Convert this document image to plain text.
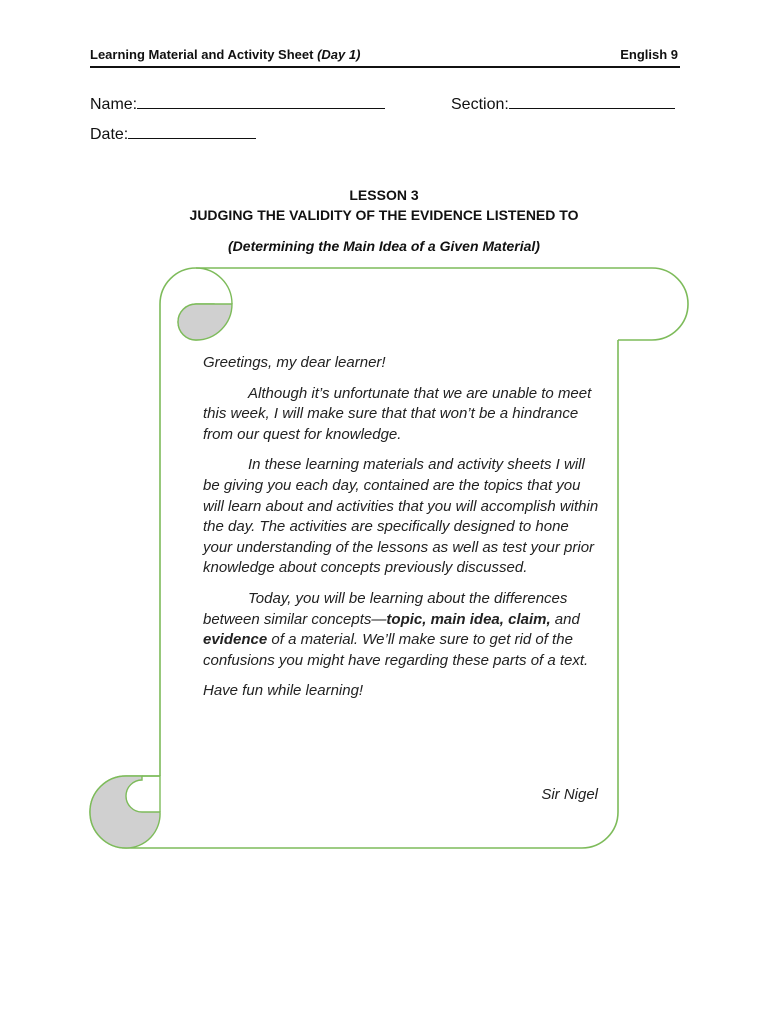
Learning Material and Activity Sheet (Day 1)	English 9
Name:	Section:
Date:
LESSON 3
JUDGING THE VALIDITY OF THE EVIDENCE LISTENED TO
(Determining the Main Idea of a Given Material)

Greetings, my dear learner!

Although it’s unfortunate that we are unable to meet this week, I will make sure that that won’t be a hindrance from our quest for knowledge.

In these learning materials and activity sheets I will be giving you each day, contained are the topics that you will learn about and activities that you will accomplish within the day. The activities are specifically designed to hone your understanding of the lessons as well as test your prior knowledge about concepts previously discussed.

Today, you will be learning about the differences between similar concepts—topic, main idea, claim, and evidence of a material. We’ll make sure to get rid of the confusions you might have regarding these parts of a text.

Have fun while learning!

Sir Nigel
